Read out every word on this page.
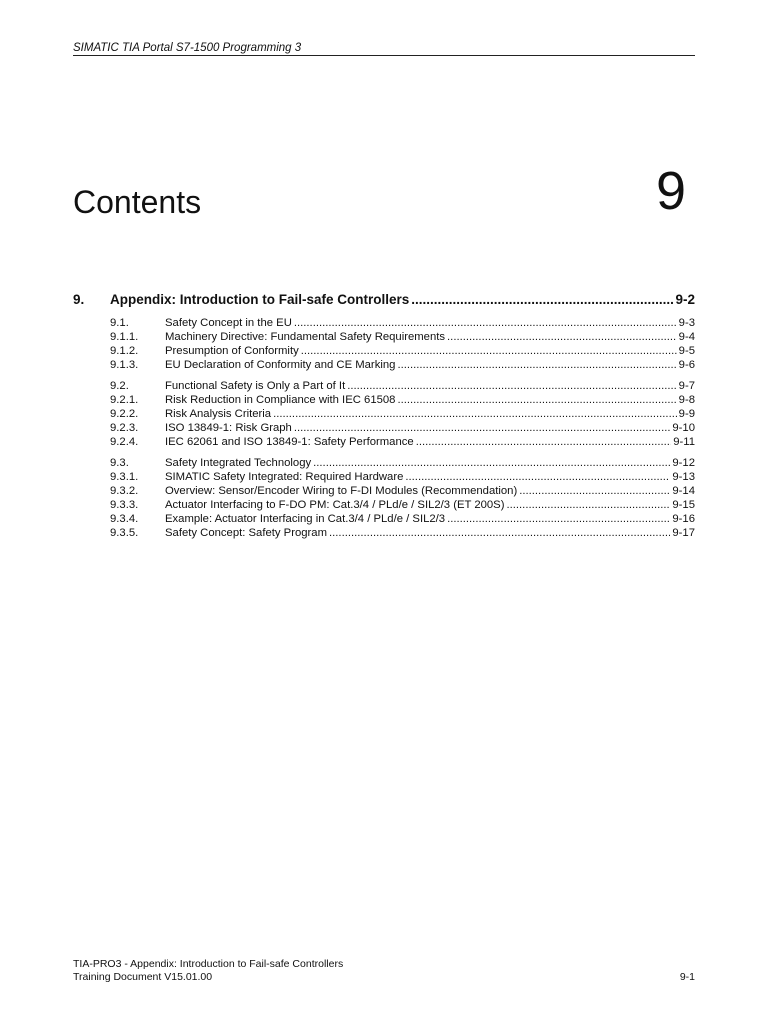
SIMATIC TIA Portal S7-1500 Programming 3
Contents	9
9.	Appendix: Introduction to Fail-safe Controllers .....	9-2
9.1.	Safety Concept in the EU .....	9-3
9.1.1.	Machinery Directive: Fundamental Safety Requirements .....	9-4
9.1.2.	Presumption of Conformity .....	9-5
9.1.3.	EU Declaration of Conformity and CE Marking .....	9-6
9.2.	Functional Safety is Only a Part of It .....	9-7
9.2.1.	Risk Reduction in Compliance with IEC 61508 .....	9-8
9.2.2.	Risk Analysis Criteria .....	9-9
9.2.3.	ISO 13849-1: Risk Graph .....	9-10
9.2.4.	IEC 62061 and ISO 13849-1: Safety Performance .....	9-11
9.3.	Safety Integrated Technology .....	9-12
9.3.1.	SIMATIC Safety Integrated: Required Hardware .....	9-13
9.3.2.	Overview: Sensor/Encoder Wiring to F-DI Modules (Recommendation) .....	9-14
9.3.3.	Actuator Interfacing to F-DO PM: Cat.3/4 / PLd/e / SIL2/3 (ET 200S) .....	9-15
9.3.4.	Example: Actuator Interfacing in Cat.3/4 / PLd/e / SIL2/3 .....	9-16
9.3.5.	Safety Concept: Safety Program .....	9-17
TIA-PRO3 - Appendix: Introduction to Fail-safe Controllers
Training Document V15.01.00	9-1
